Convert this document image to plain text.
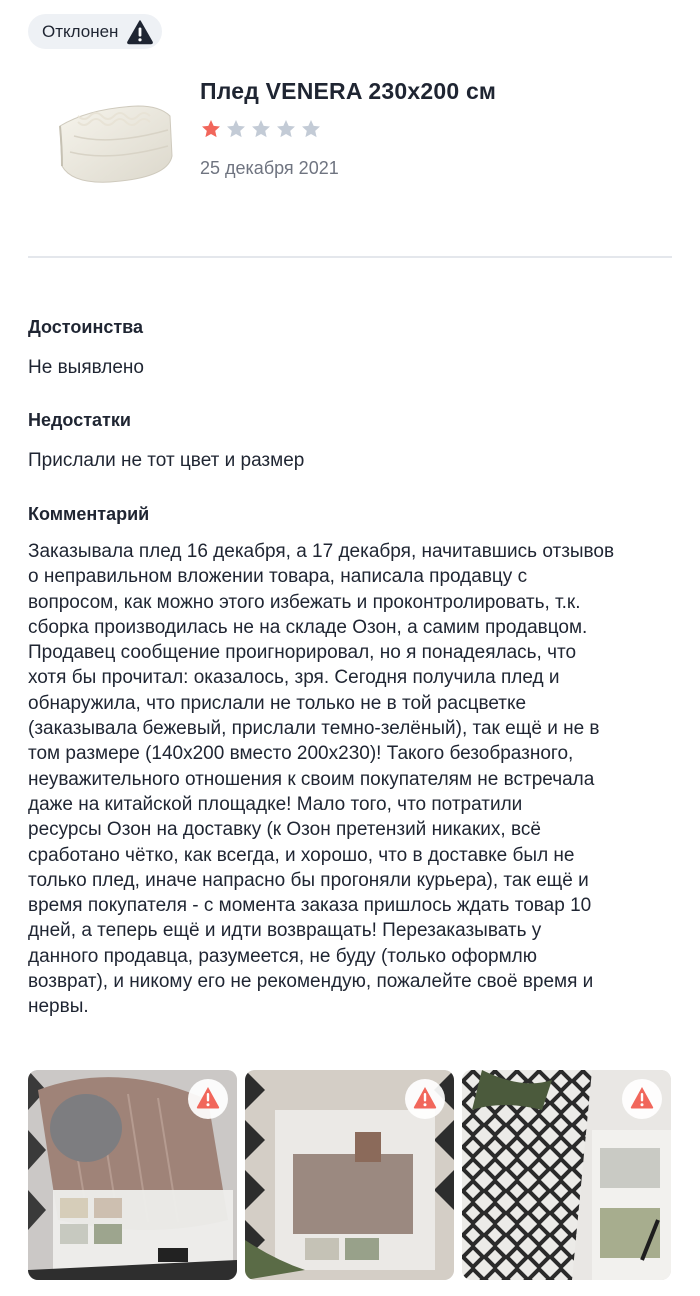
Отклонен
Плед VENERA 230x200 см
25 декабря 2021
Достоинства
Не выявлено
Недостатки
Прислали не тот цвет и размер
Комментарий
Заказывала плед 16 декабря, а 17 декабря, начитавшись отзывов
о неправильном вложении товара, написала продавцу с
вопросом, как можно этого избежать и проконтролировать, т.к.
сборка производилась не на складе Озон, а самим продавцом.
Продавец сообщение проигнорировал, но я понадеялась, что
хотя бы прочитал: оказалось, зря. Сегодня получила плед и
обнаружила, что прислали не только не в той расцветке
(заказывала бежевый, прислали темно-зелёный), так ещё и не в
том размере (140x200 вместо 200x230)! Такого безобразного,
неуважительного отношения к своим покупателям не встречала
даже на китайской площадке! Мало того, что потратили
ресурсы Озон на доставку (к Озон претензий никаких, всё
сработано чётко, как всегда, и хорошо, что в доставке был не
только плед, иначе напрасно бы прогоняли курьера), так ещё и
время покупателя - с момента заказа пришлось ждать товар 10
дней, а теперь ещё и идти возвращать! Перезаказывать у
данного продавца, разумеется, не буду (только оформлю
возврат), и никому его не рекомендую, пожалейте своё время и
нервы.
